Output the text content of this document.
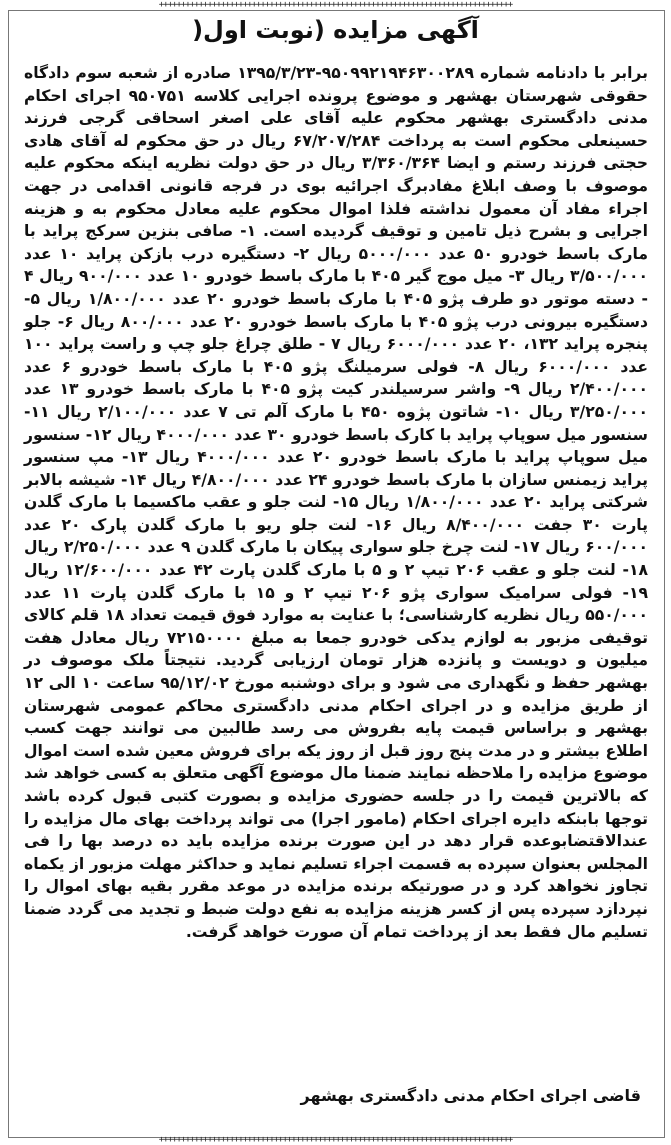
++++++++++++++++++++++++++++++++++++++++++++++++++++++++++++++++++++++++++++++++
آگهی مزایده (نوبت اول(

برابر با دادنامه شماره ۹۵۰۹۹۲۱۹۴۶۳۰۰۲۸۹-۱۳۹۵/۳/۲۳ صادره از شعبه سوم دادگاه حقوقی شهرستان بهشهر و موضوع پرونده اجرایی کلاسه ۹۵۰۷۵۱ اجرای احکام مدنی دادگستری بهشهر محکوم علیه آقای علی اصغر اسحاقی گرجی فرزند حسینعلی محکوم است به پرداخت ۶۷/۲۰۷/۲۸۴ ریال در حق محکوم له آقای هادی حجتی فرزند رستم و ایضا ۳/۳۶۰/۳۶۴ ریال در حق دولت نظریه اینکه محکوم علیه موصوف با وصف ابلاغ مفادبرگ اجرائیه بوی در فرجه قانونی اقدامی در جهت اجراء مفاد آن معمول نداشته فلذا اموال محکوم علیه معادل محکوم به و هزینه اجرایی و بشرح ذیل تامین و توقیف گردیده است. ۱- صافی بنزین سرکج پراید با مارک باسط خودرو ۵۰ عدد ۵۰۰۰/۰۰۰ ریال ۲- دستگیره درب بازکن پراید ۱۰ عدد ۳/۵۰۰/۰۰۰ ریال ۳- میل موج گیر ۴۰۵ با مارک باسط خودرو ۱۰ عدد ۹۰۰/۰۰۰ ریال ۴ - دسته موتور دو طرف پژو ۴۰۵ با مارک باسط خودرو ۲۰ عدد ۱/۸۰۰/۰۰۰ ریال ۵- دستگیره بیرونی درب پژو ۴۰۵ با مارک باسط خودرو ۲۰ عدد ۸۰۰/۰۰۰ ریال ۶- جلو پنجره پراید ۱۳۲، ۲۰ عدد ۶۰۰۰/۰۰۰ ریال ۷ - طلق چراغ جلو چپ و راست پراید ۱۰۰ عدد ۶۰۰۰/۰۰۰ ریال ۸- فولی سرمیلنگ پژو ۴۰۵ با مارک باسط خودرو ۶ عدد ۲/۴۰۰/۰۰۰ ریال ۹- واشر سرسیلندر کیت پژو ۴۰۵ با مارک باسط خودرو ۱۳ عدد ۳/۲۵۰/۰۰۰ ریال ۱۰- شاتون پژوه ۴۵۰ با مارک آلم تی ۷ عدد ۲/۱۰۰/۰۰۰ ریال ۱۱- سنسور میل سوپاپ پراید با کارک باسط خودرو ۳۰ عدد ۴۰۰۰/۰۰۰ ریال ۱۲- سنسور میل سوپاپ پراید با مارک باسط خودرو ۲۰ عدد ۴۰۰۰/۰۰۰ ریال ۱۳- مپ سنسور پراید زیمنس سازان با مارک باسط خودرو ۲۴ عدد ۴/۸۰۰/۰۰۰ ریال ۱۴- شیشه بالابر شرکتی پراید ۲۰ عدد ۱/۸۰۰/۰۰۰ ریال ۱۵- لنت جلو و عقب ماکسیما با مارک گلدن پارت ۳۰ جفت ۸/۴۰۰/۰۰۰ ریال ۱۶- لنت جلو ریو با مارک گلدن پارک ۲۰ عدد ۶۰۰/۰۰۰ ریال ۱۷- لنت چرخ جلو سواری پیکان با مارک گلدن ۹ عدد ۲/۲۵۰/۰۰۰ ریال ۱۸- لنت جلو و عقب ۲۰۶ تیپ ۲ و ۵ با مارک گلدن پارت ۴۲ عدد ۱۲/۶۰۰/۰۰۰ ریال ۱۹- فولی سرامیک سواری پژو ۲۰۶ تیپ ۲ و ۱۵ با مارک گلدن پارت ۱۱ عدد ۵۵۰/۰۰۰ ریال نظریه کارشناسی؛ با عنایت به موارد فوق قیمت تعداد ۱۸ قلم کالای توقیفی مزبور به لوازم یدکی خودرو جمعا به مبلغ ۷۲۱۵۰۰۰۰ ریال معادل هفت میلیون و دویست و پانزده هزار تومان ارزیابی گردید. نتیجتاً ملک موصوف در بهشهر حفظ و نگهداری می شود و برای دوشنبه مورخ ۹۵/۱۲/۰۲ ساعت ۱۰ الی ۱۲ از طریق مزایده و در اجرای احکام مدنی دادگستری محاکم عمومی شهرستان بهشهر و براساس قیمت پایه بفروش می رسد طالبین می توانند جهت کسب اطلاع بیشتر و در مدت پنج روز قبل از روز یکه برای فروش معین شده است اموال موضوع مزایده را ملاحظه نمایند ضمنا مال موضوع آگهی متعلق به کسی خواهد شد که بالاترین قیمت را در جلسه حضوری مزایده و بصورت کتبی قبول کرده باشد توجها بابنکه دایره اجرای احکام (مامور اجرا) می تواند پرداخت بهای مال مزایده را عندالاقتضابوعده قرار دهد در این صورت برنده مزایده باید ده درصد بها را فی المجلس بعنوان سپرده به قسمت اجراء تسلیم نماید و حداکثر مهلت مزبور از یکماه تجاوز نخواهد کرد و در صورتیکه برنده مزایده در موعد مقرر بقیه بهای اموال را نپردازد سپرده پس از کسر هزینه مزایده به نفع دولت ضبط و تجدید می گردد ضمنا تسلیم مال فقط بعد از پرداخت تمام آن صورت خواهد گرفت.

قاضی اجرای احکام مدنی دادگستری بهشهر
++++++++++++++++++++++++++++++++++++++++++++++++++++++++++++++++++++++++++++++++
